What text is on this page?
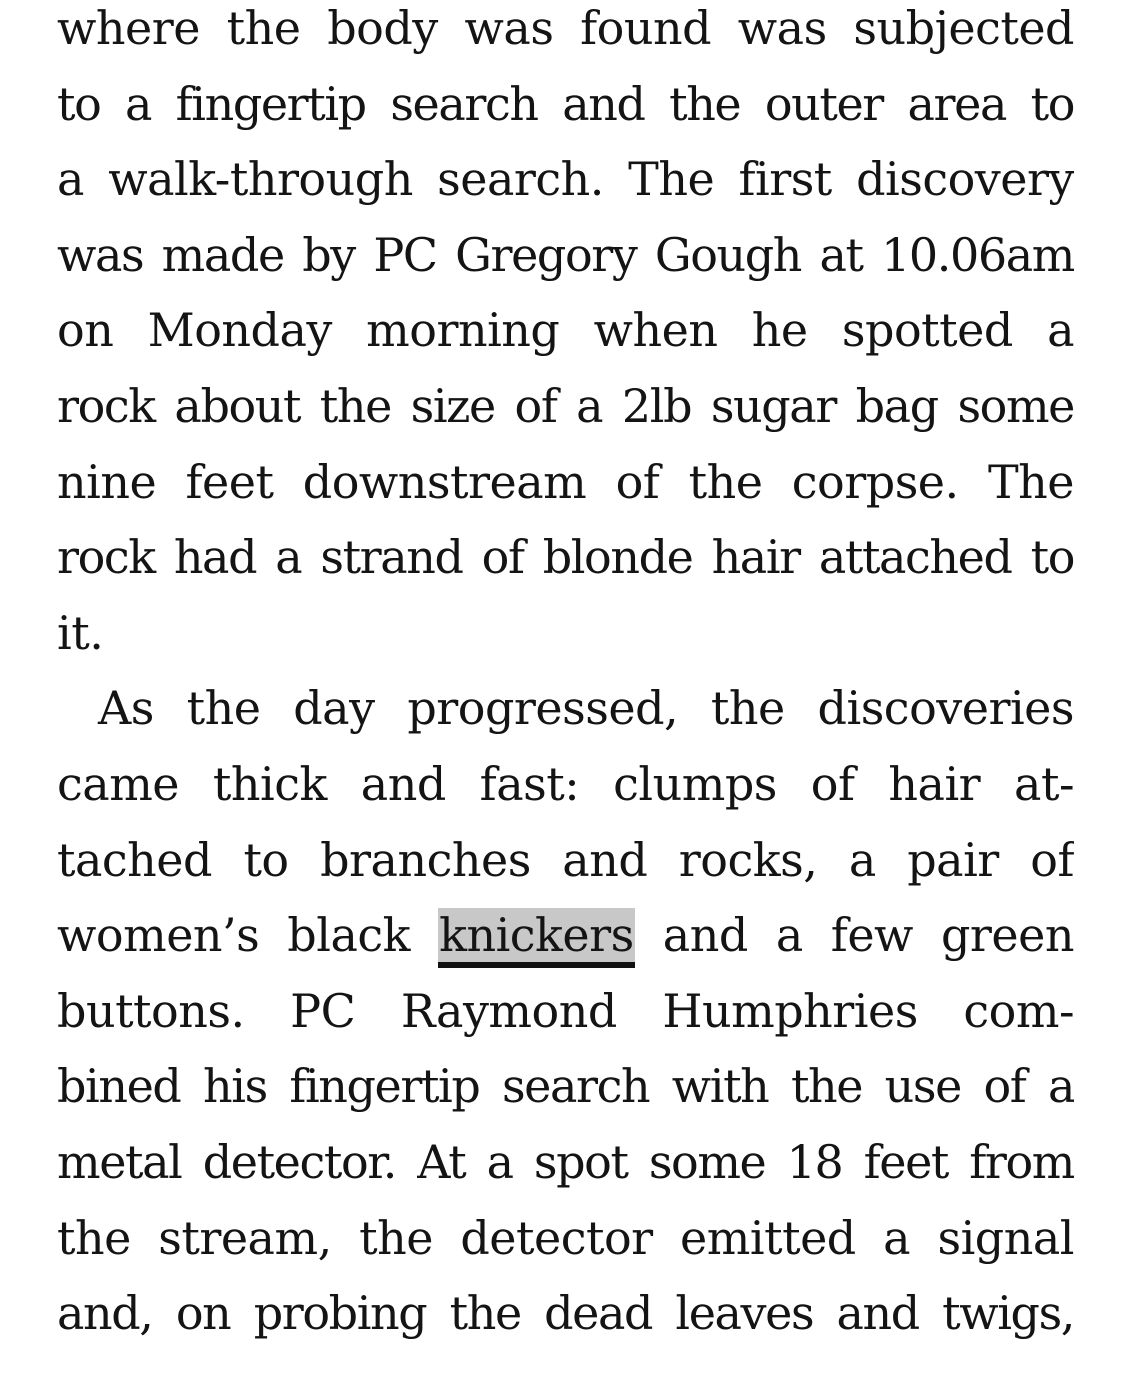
where the body was found was subjected
to a fingertip search and the outer area to
a walk-through search. The first discovery
was made by PC Gregory Gough at 10.06am
on Monday morning when he spotted a
rock about the size of a 2lb sugar bag some
nine feet downstream of the corpse. The
rock had a strand of blonde hair attached to
it.
As the day progressed, the discoveries
came thick and fast: clumps of hair at-
tached to branches and rocks, a pair of
women’s black knickers and a few green
buttons. PC Raymond Humphries com-
bined his fingertip search with the use of a
metal detector. At a spot some 18 feet from
the stream, the detector emitted a signal
and, on probing the dead leaves and twigs,
